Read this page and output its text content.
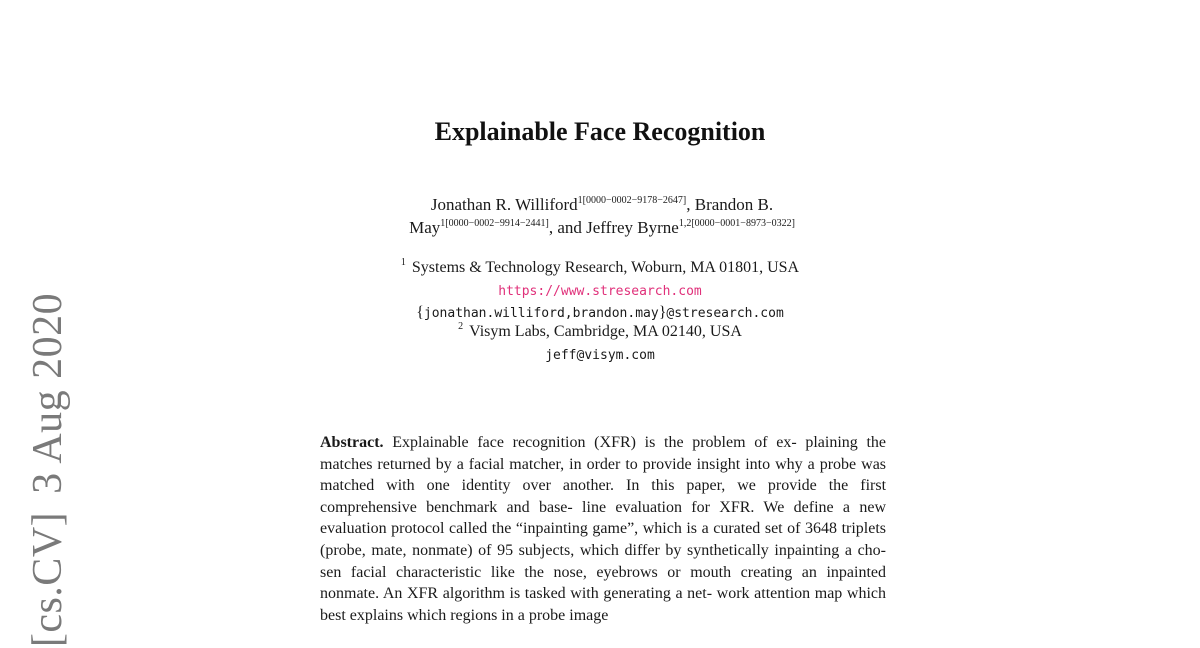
[cs.CV]3 Aug 2020
Explainable Face Recognition
Jonathan R. Williford$^{1[0000-0002-9178-2647]}$, Brandon B.
May$^{1[0000-0002-9914-2441]}$, and Jeffrey Byrne$^{1,2[0000-0001-8973-0322]}$
$^1$ Systems & Technology Research, Woburn, MA 01801, USA
https://www.stresearch.com
{jonathan.williford,brandon.may}@stresearch.com
$^2$ Visym Labs, Cambridge, MA 02140, USA
jeff@visym.com
Abstract. Explainable face recognition (XFR) is the problem of ex- plaining the matches returned by a facial matcher, in order to provide insight into why a probe was matched with one identity over another. In this paper, we provide the first comprehensive benchmark and base- line evaluation for XFR. We define a new evaluation protocol called the “inpainting game”, which is a curated set of 3648 triplets (probe, mate, nonmate) of 95 subjects, which differ by synthetically inpainting a cho- sen facial characteristic like the nose, eyebrows or mouth creating an inpainted nonmate. An XFR algorithm is tasked with generating a net- work attention map which best explains which regions in a probe image
